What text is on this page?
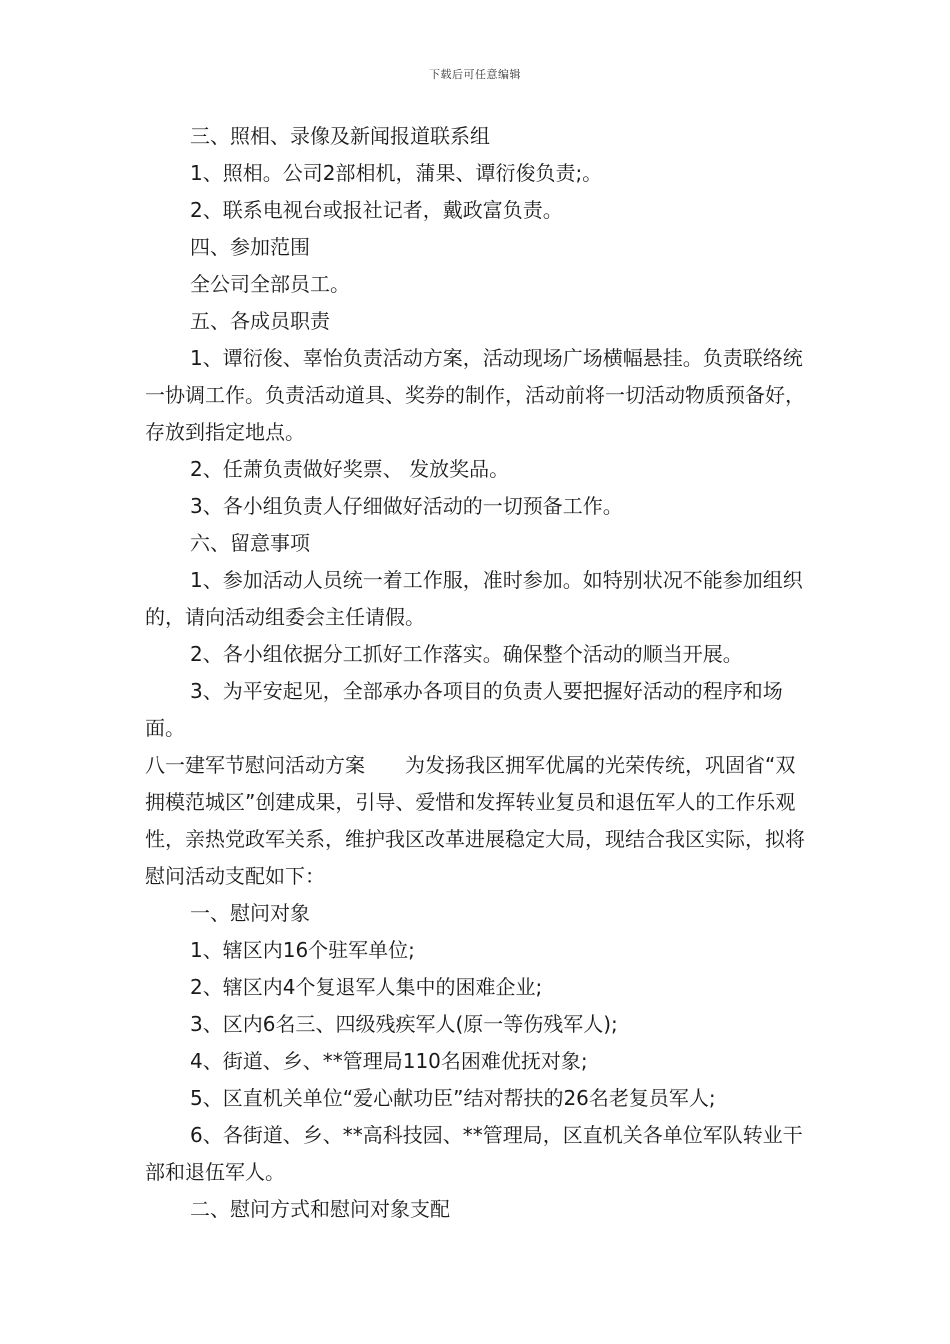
下载后可任意编辑

三、照相、录像及新闻报道联系组

1、照相。公司2部相机，蒲果、谭衍俊负责;。

2、联系电视台或报社记者，戴政富负责。

四、参加范围

全公司全部员工。

五、各成员职责

1、谭衍俊、辜怡负责活动方案，活动现场广场横幅悬挂。负责联络统一协调工作。负责活动道具、奖券的制作，活动前将一切活动物质预备好，存放到指定地点。

2、任萧负责做好奖票、 发放奖品。

3、各小组负责人仔细做好活动的一切预备工作。

六、留意事项

1、参加活动人员统一着工作服，准时参加。如特别状况不能参加组织的，请向活动组委会主任请假。

2、各小组依据分工抓好工作落实。确保整个活动的顺当开展。

3、为平安起见，全部承办各项目的负责人要把握好活动的程序和场面。

八一建军节慰问活动方案　　为发扬我区拥军优属的光荣传统，巩固省“双拥模范城区”创建成果，引导、爱惜和发挥转业复员和退伍军人的工作乐观性，亲热党政军关系，维护我区改革进展稳定大局，现结合我区实际，拟将慰问活动支配如下：

一、慰问对象

1、辖区内16个驻军单位;

2、辖区内4个复退军人集中的困难企业;

3、区内6名三、四级残疾军人(原一等伤残军人);

4、街道、乡、**管理局110名困难优抚对象;

5、区直机关单位“爱心献功臣”结对帮扶的26名老复员军人;

6、各街道、乡、**高科技园、**管理局，区直机关各单位军队转业干部和退伍军人。

二、慰问方式和慰问对象支配
